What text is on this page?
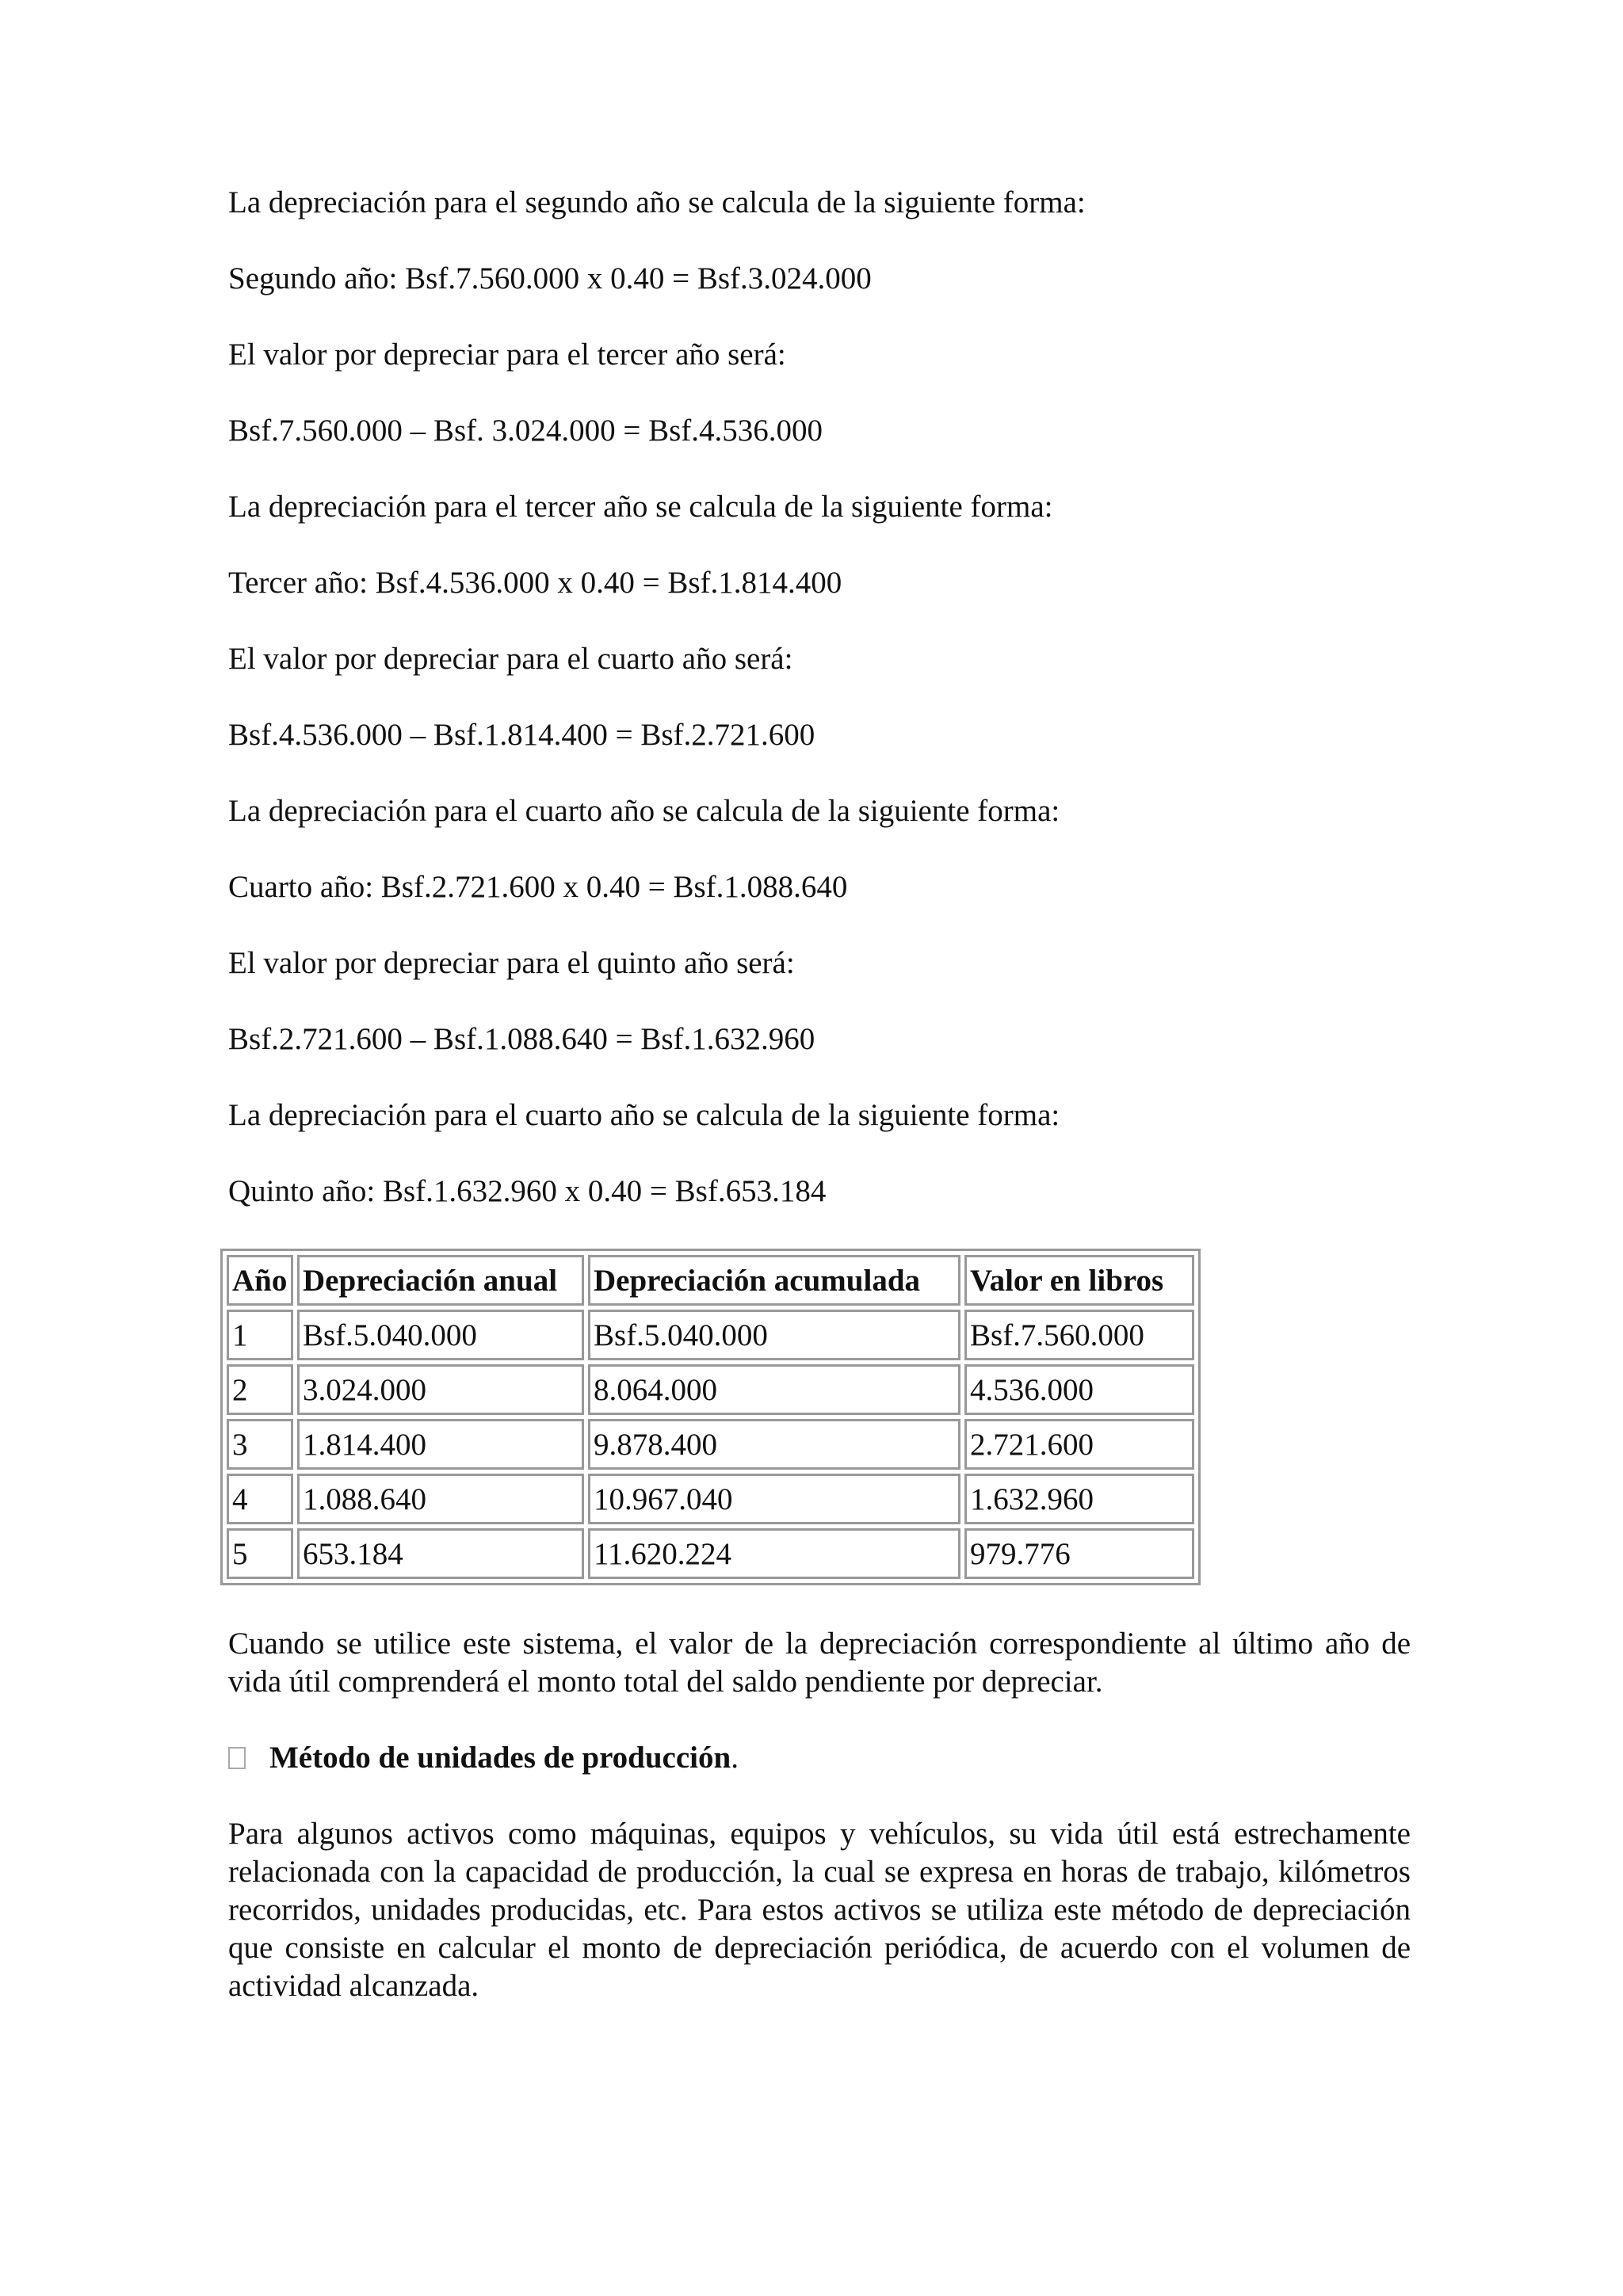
La depreciación para el segundo año se calcula de la siguiente forma:

Segundo año: Bsf.7.560.000 x 0.40 = Bsf.3.024.000

El valor por depreciar para el tercer año será:

Bsf.7.560.000 – Bsf. 3.024.000 = Bsf.4.536.000

La depreciación para el tercer año se calcula de la siguiente forma:

Tercer año: Bsf.4.536.000 x 0.40 = Bsf.1.814.400

El valor por depreciar para el cuarto año será:

Bsf.4.536.000 – Bsf.1.814.400 = Bsf.2.721.600

La depreciación para el cuarto año se calcula de la siguiente forma:

Cuarto año: Bsf.2.721.600 x 0.40 = Bsf.1.088.640

El valor por depreciar para el quinto año será:

Bsf.2.721.600 – Bsf.1.088.640 = Bsf.1.632.960

La depreciación para el cuarto año se calcula de la siguiente forma:

Quinto año: Bsf.1.632.960 x 0.40 = Bsf.653.184

Año	Depreciación anual	Depreciación acumulada	Valor en libros
1	Bsf.5.040.000	Bsf.5.040.000	Bsf.7.560.000
2	3.024.000	8.064.000	4.536.000
3	1.814.400	9.878.400	2.721.600
4	1.088.640	10.967.040	1.632.960
5	653.184	11.620.224	979.776

Cuando se utilice este sistema, el valor de la depreciación correspondiente al último año de vida útil comprenderá el monto total del saldo pendiente por depreciar.

Método de unidades de producción .

Para algunos activos como máquinas, equipos y vehículos, su vida útil está estrechamente relacionada con la capacidad de producción, la cual se expresa en horas de trabajo, kilómetros recorridos, unidades producidas, etc. Para estos activos se utiliza este método de depreciación que consiste en calcular el monto de depreciación periódica, de acuerdo con el volumen de actividad alcanzada.
